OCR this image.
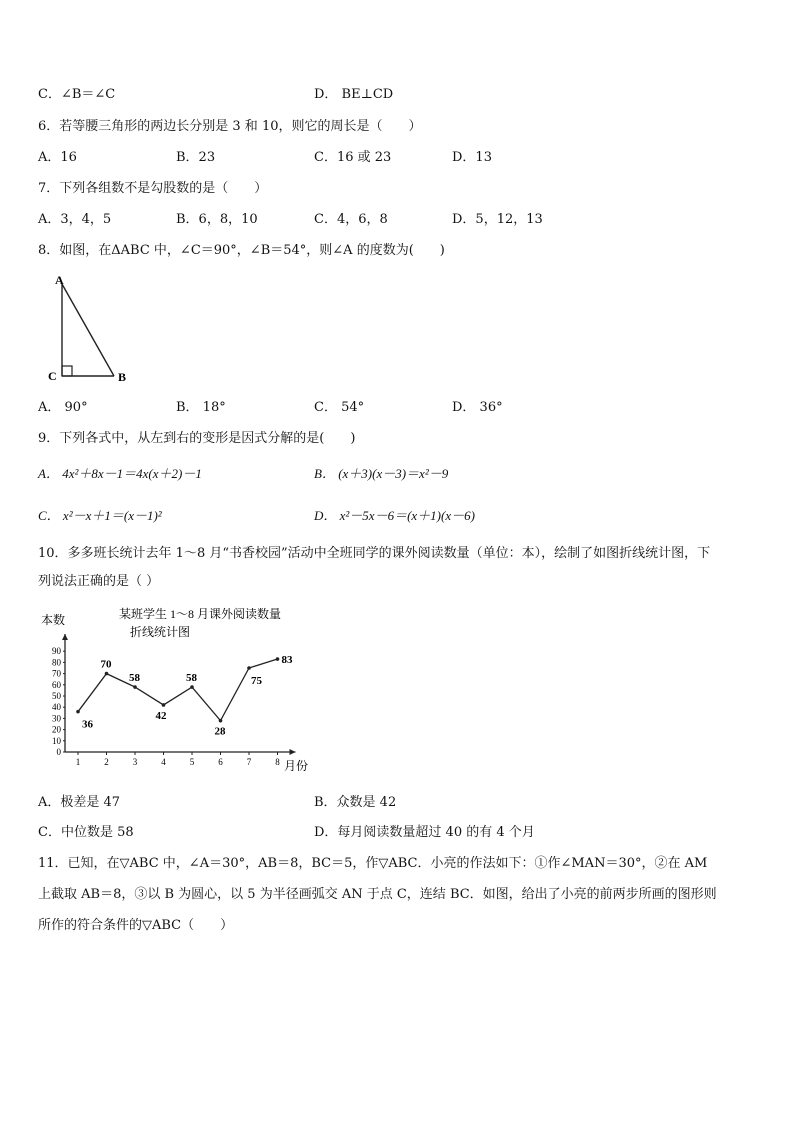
C．∠B＝∠C	D． BE⊥CD
6．若等腰三角形的两边长分别是 3 和 10，则它的周长是（　　）
A．16	B．23	C．16 或 23	D．13
7．下列各组数不是勾股数的是（　　）
A．3，4，5	B．6，8，10	C．4，6，8	D．5，12，13
8．如图，在ΔABC 中，∠C＝90°，∠B＝54°，则∠A 的度数为(　　)
A
C	B
A． 90°	B． 18°	C． 54°	D． 36°
9．下列各式中，从左到右的变形是因式分解的是(　　)
A． 4x²＋8x－1＝4x(x＋2)－1	B． (x＋3)(x－3)＝x²－9
C． x²－x＋1＝(x－1)²	D． x²－5x－6＝(x＋1)(x－6)
10．多多班长统计去年 1～8 月“书香校园”活动中全班同学的课外阅读数量（单位：本），绘制了如图折线统计图，下
列说法正确的是（ ）
本数	某班学生 1～8 月课外阅读数量
折线统计图
月份
0
10
20
30
40
50
60
70
80
90
1	2	3	4	5	6	7	8
36
70
58
42
58
28
75
83
A．极差是 47	B．众数是 42
C．中位数是 58	D．每月阅读数量超过 40 的有 4 个月
11．已知，在▽ABC 中，∠A＝30°，AB＝8，BC＝5，作▽ABC．小亮的作法如下：①作∠MAN＝30°，②在 AM
上截取 AB＝8，③以 B 为圆心，以 5 为半径画弧交 AN 于点 C，连结 BC．如图，给出了小亮的前两步所画的图形则
所作的符合条件的▽ABC（　　）
